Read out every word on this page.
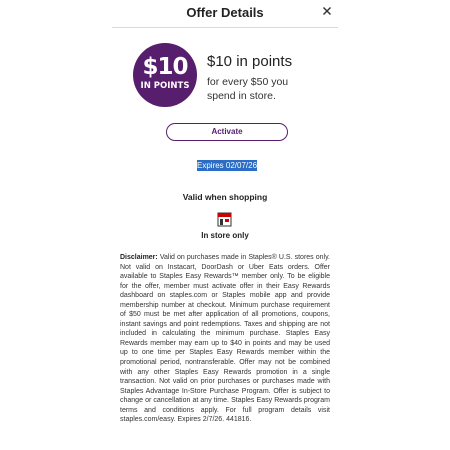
Offer Details
$10
IN POINTS
$10 in points
for every $50 you spend in store.
Activate
Expires 02/07/26
Valid when shopping
In store only
Disclaimer: Valid on purchases made in Staples® U.S. stores only. Not valid on Instacart, DoorDash or Uber Eats orders. Offer available to Staples Easy Rewards™ member only. To be eligible for the offer, member must activate offer in their Easy Rewards dashboard on staples.com or Staples mobile app and provide membership number at checkout. Minimum purchase requirement of $50 must be met after application of all promotions, coupons, instant savings and point redemptions. Taxes and shipping are not included in calculating the minimum purchase. Staples Easy Rewards member may earn up to $40 in points and may be used up to one time per Staples Easy Rewards member within the promotional period, nontransferable. Offer may not be combined with any other Staples Easy Rewards promotion in a single transaction. Not valid on prior purchases or purchases made with Staples Advantage In-Store Purchase Program. Offer is subject to change or cancellation at any time. Staples Easy Rewards program terms and conditions apply. For full program details visit staples.com/easy. Expires 2/7/26. 441816.
